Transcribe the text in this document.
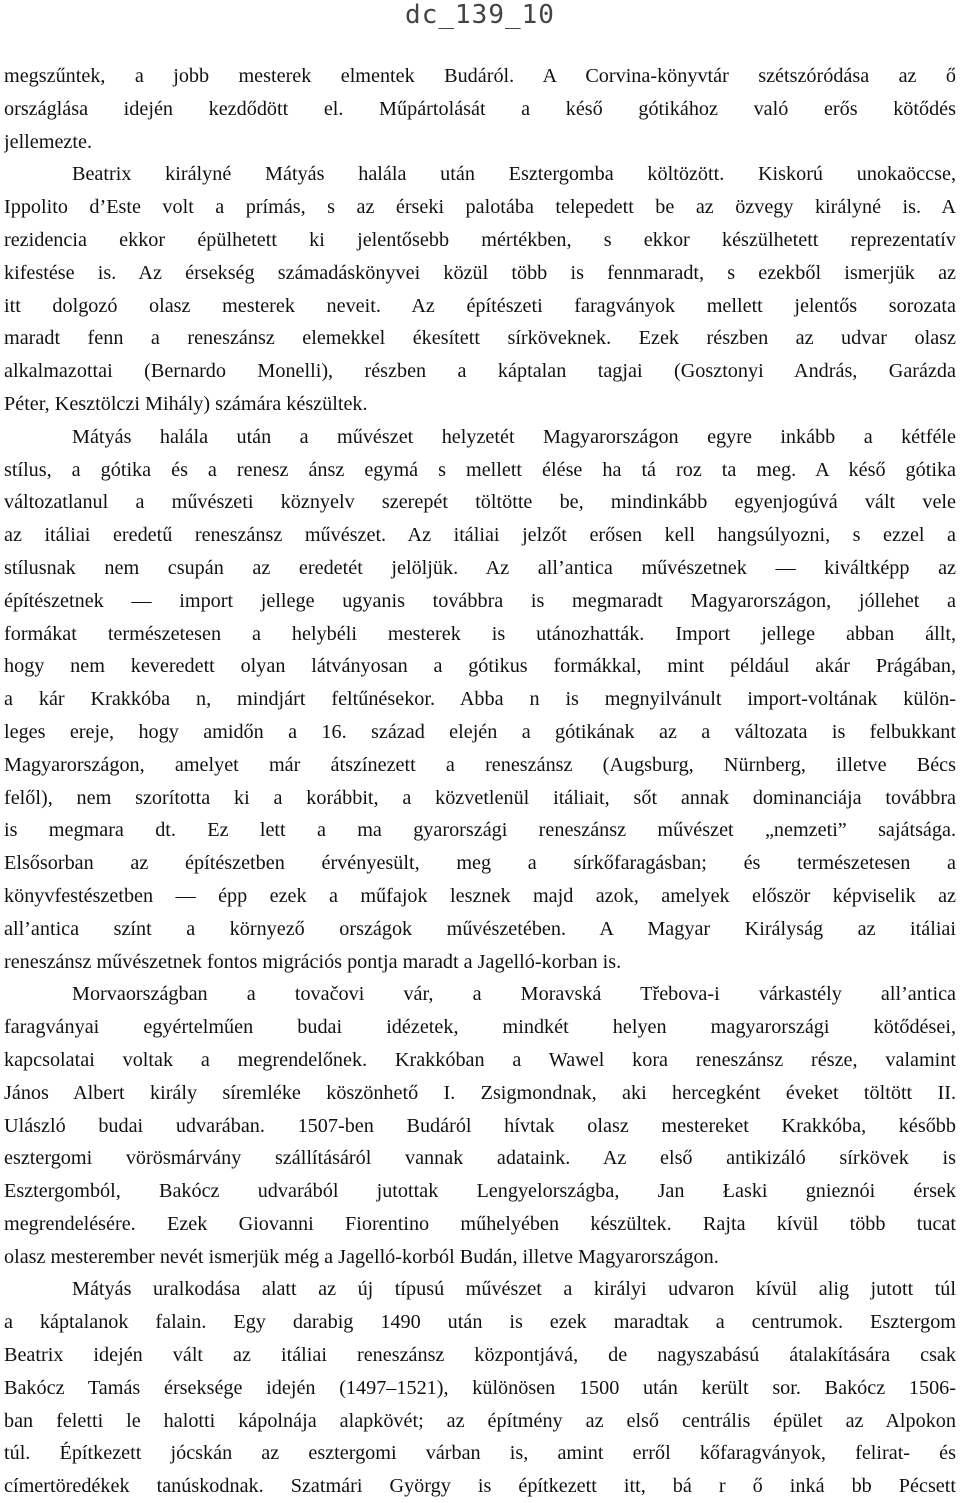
dc_139_10
megszűntek, a jobb mesterek elmentek Budáról. A Corvina-könyvtár szétszóródása az ő
országlása idején kezdődött el. Műpártolását a késő gótikához való erős kötődés
jellemezte.
Beatrix királyné Mátyás halála után Esztergomba költözött. Kiskorú unokaöccse,
Ippolito d’Este volt a prímás, s az érseki palotába telepedett be az özvegy királyné is. A
rezidencia ekkor épülhetett ki jelentősebb mértékben, s ekkor készülhetett reprezentatív
kifestése is. Az érsekség számadáskönyvei közül több is fennmaradt, s ezekből ismerjük az
itt dolgozó olasz mesterek neveit. Az építészeti faragványok mellett jelentős sorozata
maradt fenn a reneszánsz elemekkel ékesített sírköveknek. Ezek részben az udvar olasz
alkalmazottai (Bernardo Monelli), részben a káptalan tagjai (Gosztonyi András, Garázda
Péter, Kesztölczi Mihály) számára készültek.
Mátyás halála után a művészet helyzetét Magyarországon egyre inkább a kétféle
stílus, a gótika és a renesz ánsz egymá s mellett élése ha tá roz ta meg. A késő gótika
változatlanul a művészeti köznyelv szerepét töltötte be, mindinkább egyenjogúvá vált vele
az itáliai eredetű reneszánsz művészet. Az itáliai jelzőt erősen kell hangsúlyozni, s ezzel a
stílusnak nem csupán az eredetét jelöljük. Az all’antica művészetnek — kiváltképp az
építészetnek — import jellege ugyanis továbbra is megmaradt Magyarországon, jóllehet a
formákat természetesen a helybéli mesterek is utánozhatták. Import jellege abban állt,
hogy nem keveredett olyan látványosan a gótikus formákkal, mint például akár Prágában,
a kár Krakkóba n, mindjárt feltűnésekor. Abba n is megnyilvánult import-voltának külön-
leges ereje, hogy amidőn a 16. század elején a gótikának az a változata is felbukkant
Magyarországon, amelyet már átszínezett a reneszánsz (Augsburg, Nürnberg, illetve Bécs
felől), nem szorította ki a korábbit, a közvetlenül itáliait, sőt annak dominanciája továbbra
is megmara dt. Ez lett a ma gyarországi reneszánsz művészet „nemzeti” sajátsága.
Elsősorban az építészetben érvényesült, meg a sírkőfaragásban; és természetesen a
könyvfestészetben — épp ezek a műfajok lesznek majd azok, amelyek először képviselik az
all’antica színt a környező országok művészetében. A Magyar Királyság az itáliai
reneszánsz művészetnek fontos migrációs pontja maradt a Jagelló-korban is.
Morvaországban a tovačovi vár, a Moravská Třebova-i várkastély all’antica
faragványai egyértelműen budai idézetek, mindkét helyen magyarországi kötődései,
kapcsolatai voltak a megrendelőnek. Krakkóban a Wawel kora reneszánsz része, valamint
János Albert király síremléke köszönhető I. Zsigmondnak, aki hercegként éveket töltött II.
Ulászló budai udvarában. 1507-ben Budáról hívtak olasz mestereket Krakkóba, később
esztergomi vörösmárvány szállításáról vannak adataink. Az első antikizáló sírkövek is
Esztergomból, Bakócz udvarából jutottak Lengyelországba, Jan Łaski gnieznói érsek
megrendelésére. Ezek Giovanni Fiorentino műhelyében készültek. Rajta kívül több tucat
olasz mesterember nevét ismerjük még a Jagelló-korból Budán, illetve Magyarországon.
Mátyás uralkodása alatt az új típusú művészet a királyi udvaron kívül alig jutott túl
a káptalanok falain. Egy darabig 1490 után is ezek maradtak a centrumok. Esztergom
Beatrix idején vált az itáliai reneszánsz központjává, de nagyszabású átalakítására csak
Bakócz Tamás érseksége idején (1497–1521), különösen 1500 után került sor. Bakócz 1506-
ban feletti le halotti kápolnája alapkövét; az építmény az első centrális épület az Alpokon
túl. Építkezett jócskán az esztergomi várban is, amint erről kőfaragványok, felirat- és
címertöredékek tanúskodnak. Szatmári György is építkezett itt, bá r ő inká bb Pécsett
